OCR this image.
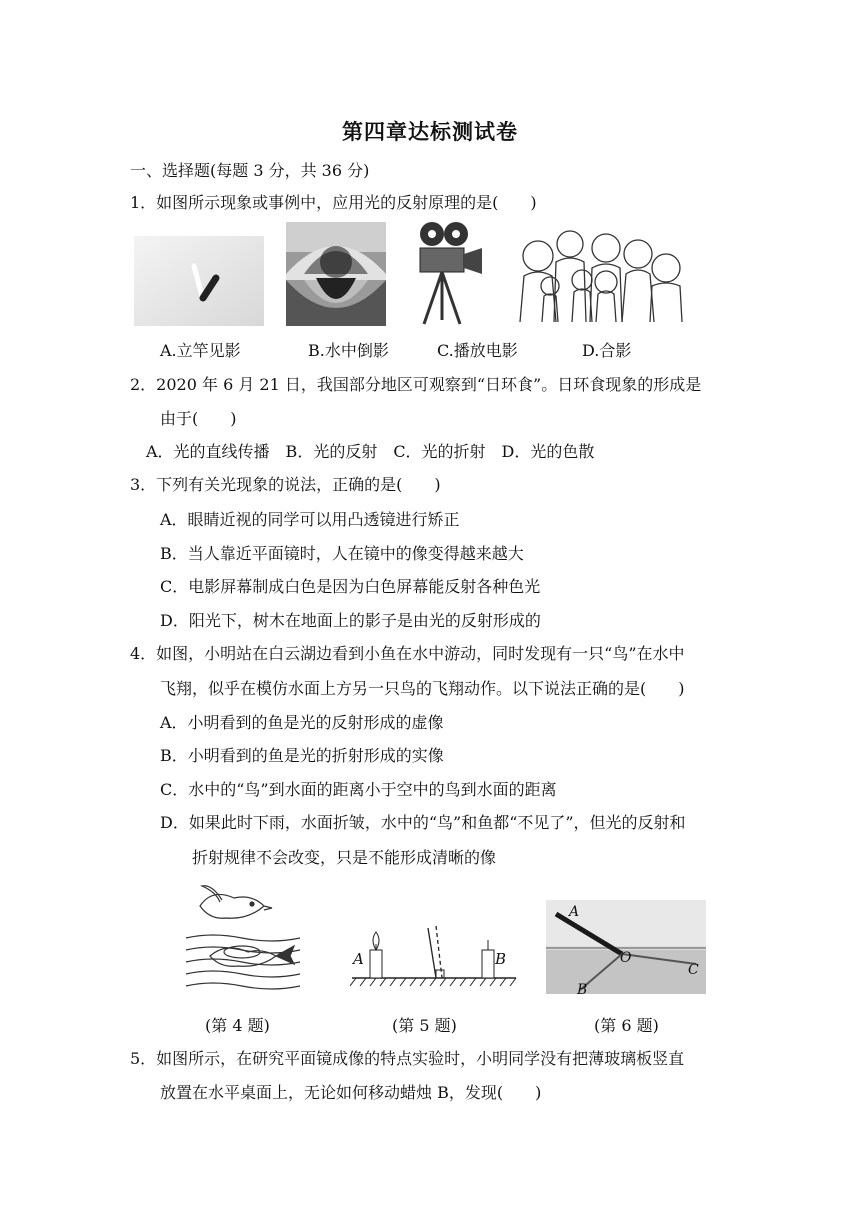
第四章达标测试卷
一、选择题(每题 3 分，共 36 分)
1．如图所示现象或事例中，应用光的反射原理的是(　　)
A.立竿见影	B.水中倒影	C.播放电影	D.合影
2．2020 年 6 月 21 日，我国部分地区可观察到“日环食”。日环食现象的形成是
由于(　　)
A．光的直线传播　B．光的反射　C．光的折射　D．光的色散
3．下列有关光现象的说法，正确的是(　　)
A．眼睛近视的同学可以用凸透镜进行矫正
B．当人靠近平面镜时，人在镜中的像变得越来越大
C．电影屏幕制成白色是因为白色屏幕能反射各种色光
D．阳光下，树木在地面上的影子是由光的反射形成的
4．如图，小明站在白云湖边看到小鱼在水中游动，同时发现有一只“鸟”在水中
飞翔，似乎在模仿水面上方另一只鸟的飞翔动作。以下说法正确的是(　　)
A．小明看到的鱼是光的反射形成的虚像
B．小明看到的鱼是光的折射形成的实像
C．水中的“鸟”到水面的距离小于空中的鸟到水面的距离
D．如果此时下雨，水面折皱，水中的“鸟”和鱼都“不见了”，但光的反射和
折射规律不会改变，只是不能形成清晰的像
A	B
A
O
C
B
(第 4 题)	(第 5 题)	(第 6 题)
5．如图所示，在研究平面镜成像的特点实验时，小明同学没有把薄玻璃板竖直
放置在水平桌面上，无论如何移动蜡烛 B，发现(　　)
